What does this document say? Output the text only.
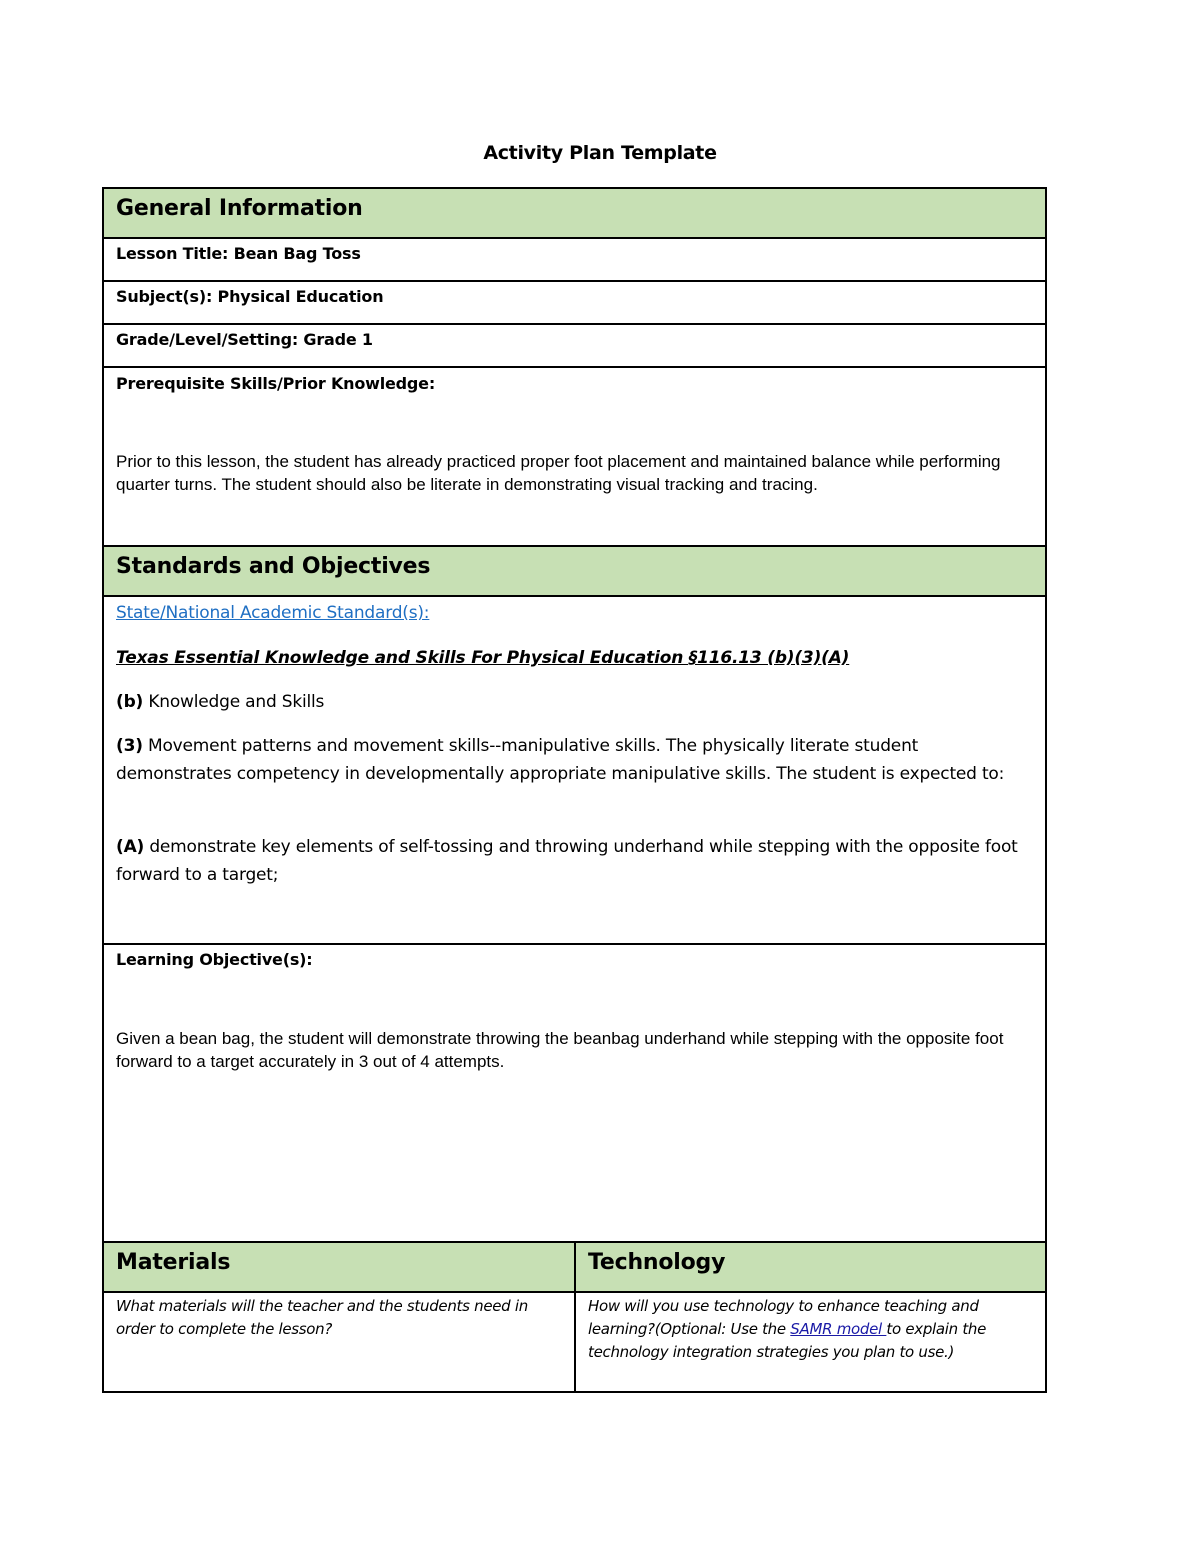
Activity Plan Template
General Information
Lesson Title: Bean Bag Toss
Subject(s): Physical Education
Grade/Level/Setting: Grade 1
Prerequisite Skills/Prior Knowledge:
Prior to this lesson, the student has already practiced proper foot placement and maintained balance while performing quarter turns. The student should also be literate in demonstrating visual tracking and tracing.
Standards and Objectives
State/National Academic Standard(s):
Texas Essential Knowledge and Skills For Physical Education §116.13 (b)(3)(A)
(b) Knowledge and Skills
(3) Movement patterns and movement skills--manipulative skills. The physically literate student demonstrates competency in developmentally appropriate manipulative skills. The student is expected to:
(A) demonstrate key elements of self-tossing and throwing underhand while stepping with the opposite foot forward to a target;
Learning Objective(s):
Given a bean bag, the student will demonstrate throwing the beanbag underhand while stepping with the opposite foot forward to a target accurately in 3 out of 4 attempts.
Materials	Technology
What materials will the teacher and the students need in order to complete the lesson?
How will you use technology to enhance teaching and learning?(Optional: Use the SAMR model to explain the technology integration strategies you plan to use.)
